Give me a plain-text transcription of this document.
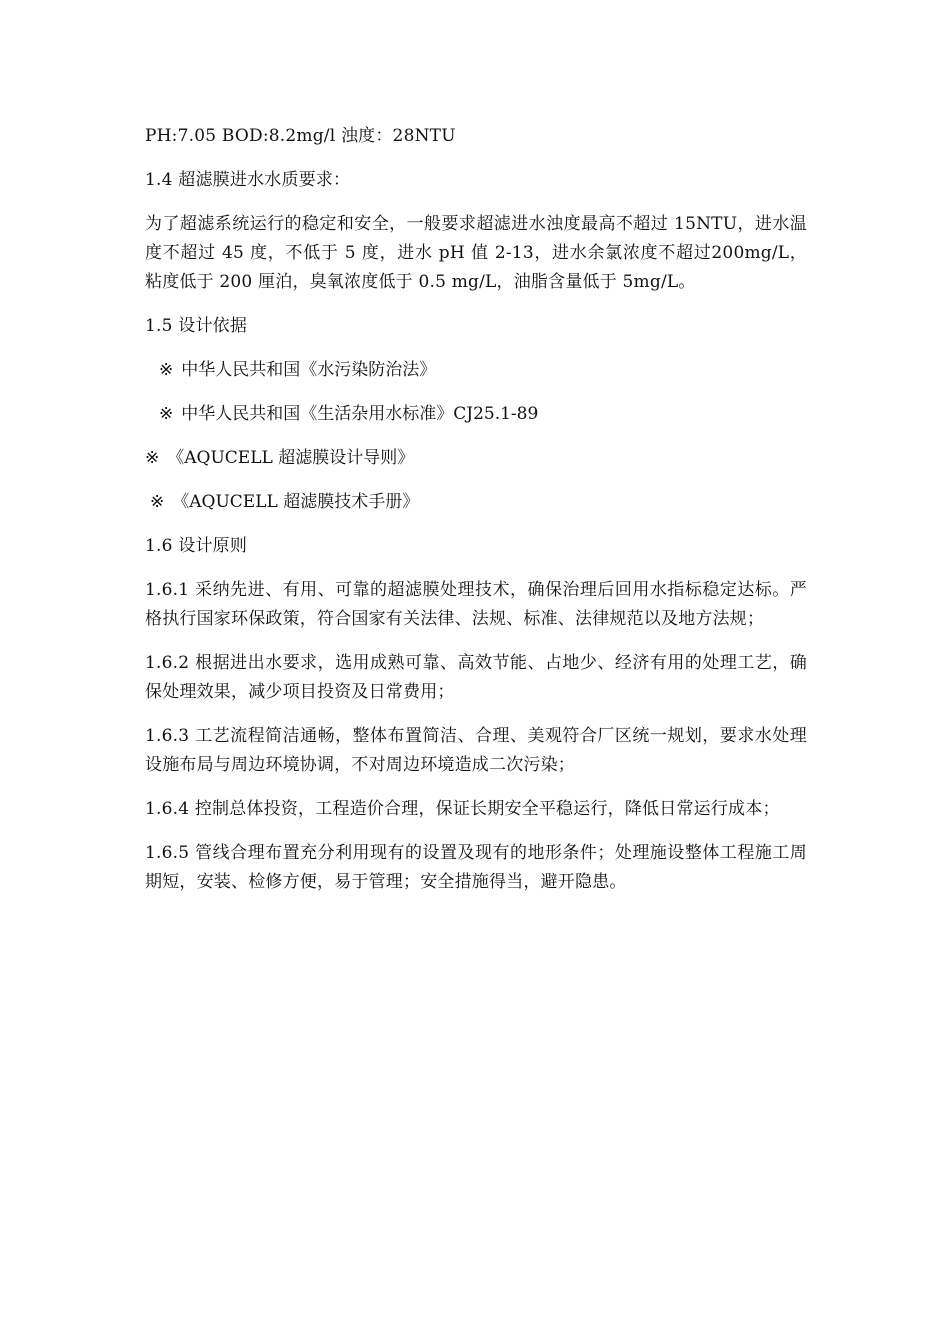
PH:7.05 BOD:8.2mg/l 浊度：28NTU

1.4 超滤膜进水水质要求：

为了超滤系统运行的稳定和安全，一般要求超滤进水浊度最高不超过 15NTU，进水温度不超过 45 度，不低于 5 度，进水 pH 值 2-13，进水余氯浓度不超过200mg/L，粘度低于 200 厘泊，臭氧浓度低于 0.5 mg/L，油脂含量低于 5mg/L。

1.5 设计依据

※ 中华人民共和国《水污染防治法》
※ 中华人民共和国《生活杂用水标准》CJ25.1-89
※ 《AQUCELL 超滤膜设计导则》
※ 《AQUCELL 超滤膜技术手册》

1.6 设计原则

1.6.1 采纳先进、有用、可靠的超滤膜处理技术，确保治理后回用水指标稳定达标。严格执行国家环保政策，符合国家有关法律、法规、标准、法律规范以及地方法规；

1.6.2 根据进出水要求，选用成熟可靠、高效节能、占地少、经济有用的处理工艺，确保处理效果，减少项目投资及日常费用；

1.6.3 工艺流程简洁通畅，整体布置简洁、合理、美观符合厂区统一规划，要求水处理设施布局与周边环境协调，不对周边环境造成二次污染；

1.6.4 控制总体投资，工程造价合理，保证长期安全平稳运行，降低日常运行成本；

1.6.5 管线合理布置充分利用现有的设置及现有的地形条件；处理施设整体工程施工周期短，安装、检修方便，易于管理；安全措施得当，避开隐患。
